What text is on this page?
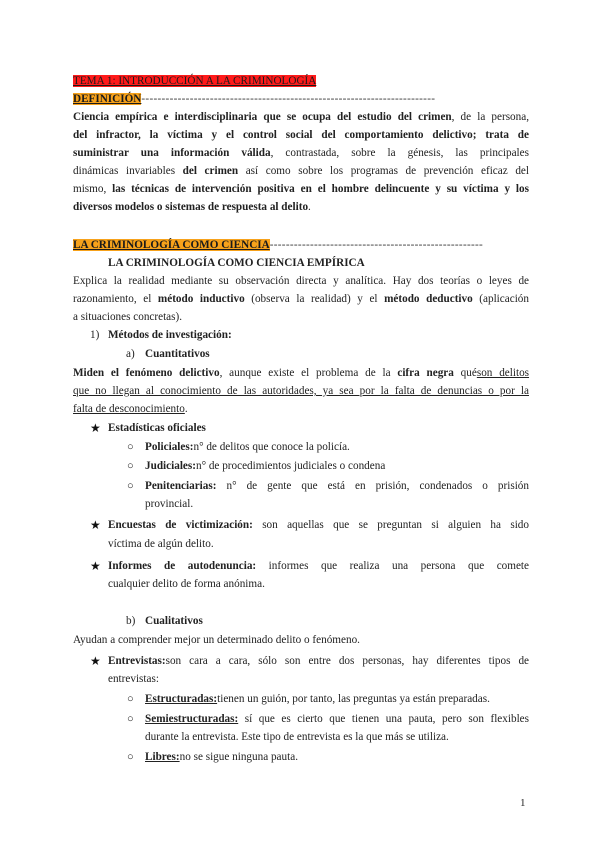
TEMA 1: INTRODUCCIÓN A LA CRIMINOLOGÍA
DEFINICIÓN-------------------------------------------------------------------------
Ciencia empírica e interdisciplinaria que se ocupa del estudio del crimen, de la persona,
del infractor, la víctima y el control social del comportamiento delictivo; trata de
suministrar una información válida, contrastada, sobre la génesis, las principales
dinámicas invariables del crimen así como sobre los programas de prevención eficaz del
mismo, las técnicas de intervención positiva en el hombre delincuente y su víctima y los
diversos modelos o sistemas de respuesta al delito.
LA CRIMINOLOGÍA COMO CIENCIA-----------------------------------------------------
LA CRIMINOLOGÍA COMO CIENCIA EMPÍRICA
Explica la realidad mediante su observación directa y analítica. Hay dos teorías o leyes de
razonamiento, el método inductivo (observa la realidad) y el método deductivo (aplicación
a situaciones concretas).
1) Métodos de investigación:
a) Cuantitativos
Miden el fenómeno delictivo, aunque existe el problema de la cifra negra quéson delitos
que no llegan al conocimiento de las autoridades, ya sea por la falta de denuncias o por la
falta de desconocimiento.
★ Estadísticas oficiales
○ Policiales:n° de delitos que conoce la policía.
○ Judiciales:n° de procedimientos judiciales o condena
○ Penitenciarias: n° de gente que está en prisión, condenados o prisión
provincial.
★ Encuestas de victimización: son aquellas que se preguntan si alguien ha sido
víctima de algún delito.
★ Informes de autodenuncia: informes que realiza una persona que comete
cualquier delito de forma anónima.
b) Cualitativos
Ayudan a comprender mejor un determinado delito o fenómeno.
★ Entrevistas:son cara a cara, sólo son entre dos personas, hay diferentes tipos de
entrevistas:
○ Estructuradas:tienen un guión, por tanto, las preguntas ya están preparadas.
○ Semiestructuradas: sí que es cierto que tienen una pauta, pero son flexibles
durante la entrevista. Este tipo de entrevista es la que más se utiliza.
○ Libres:no se sigue ninguna pauta.
1
